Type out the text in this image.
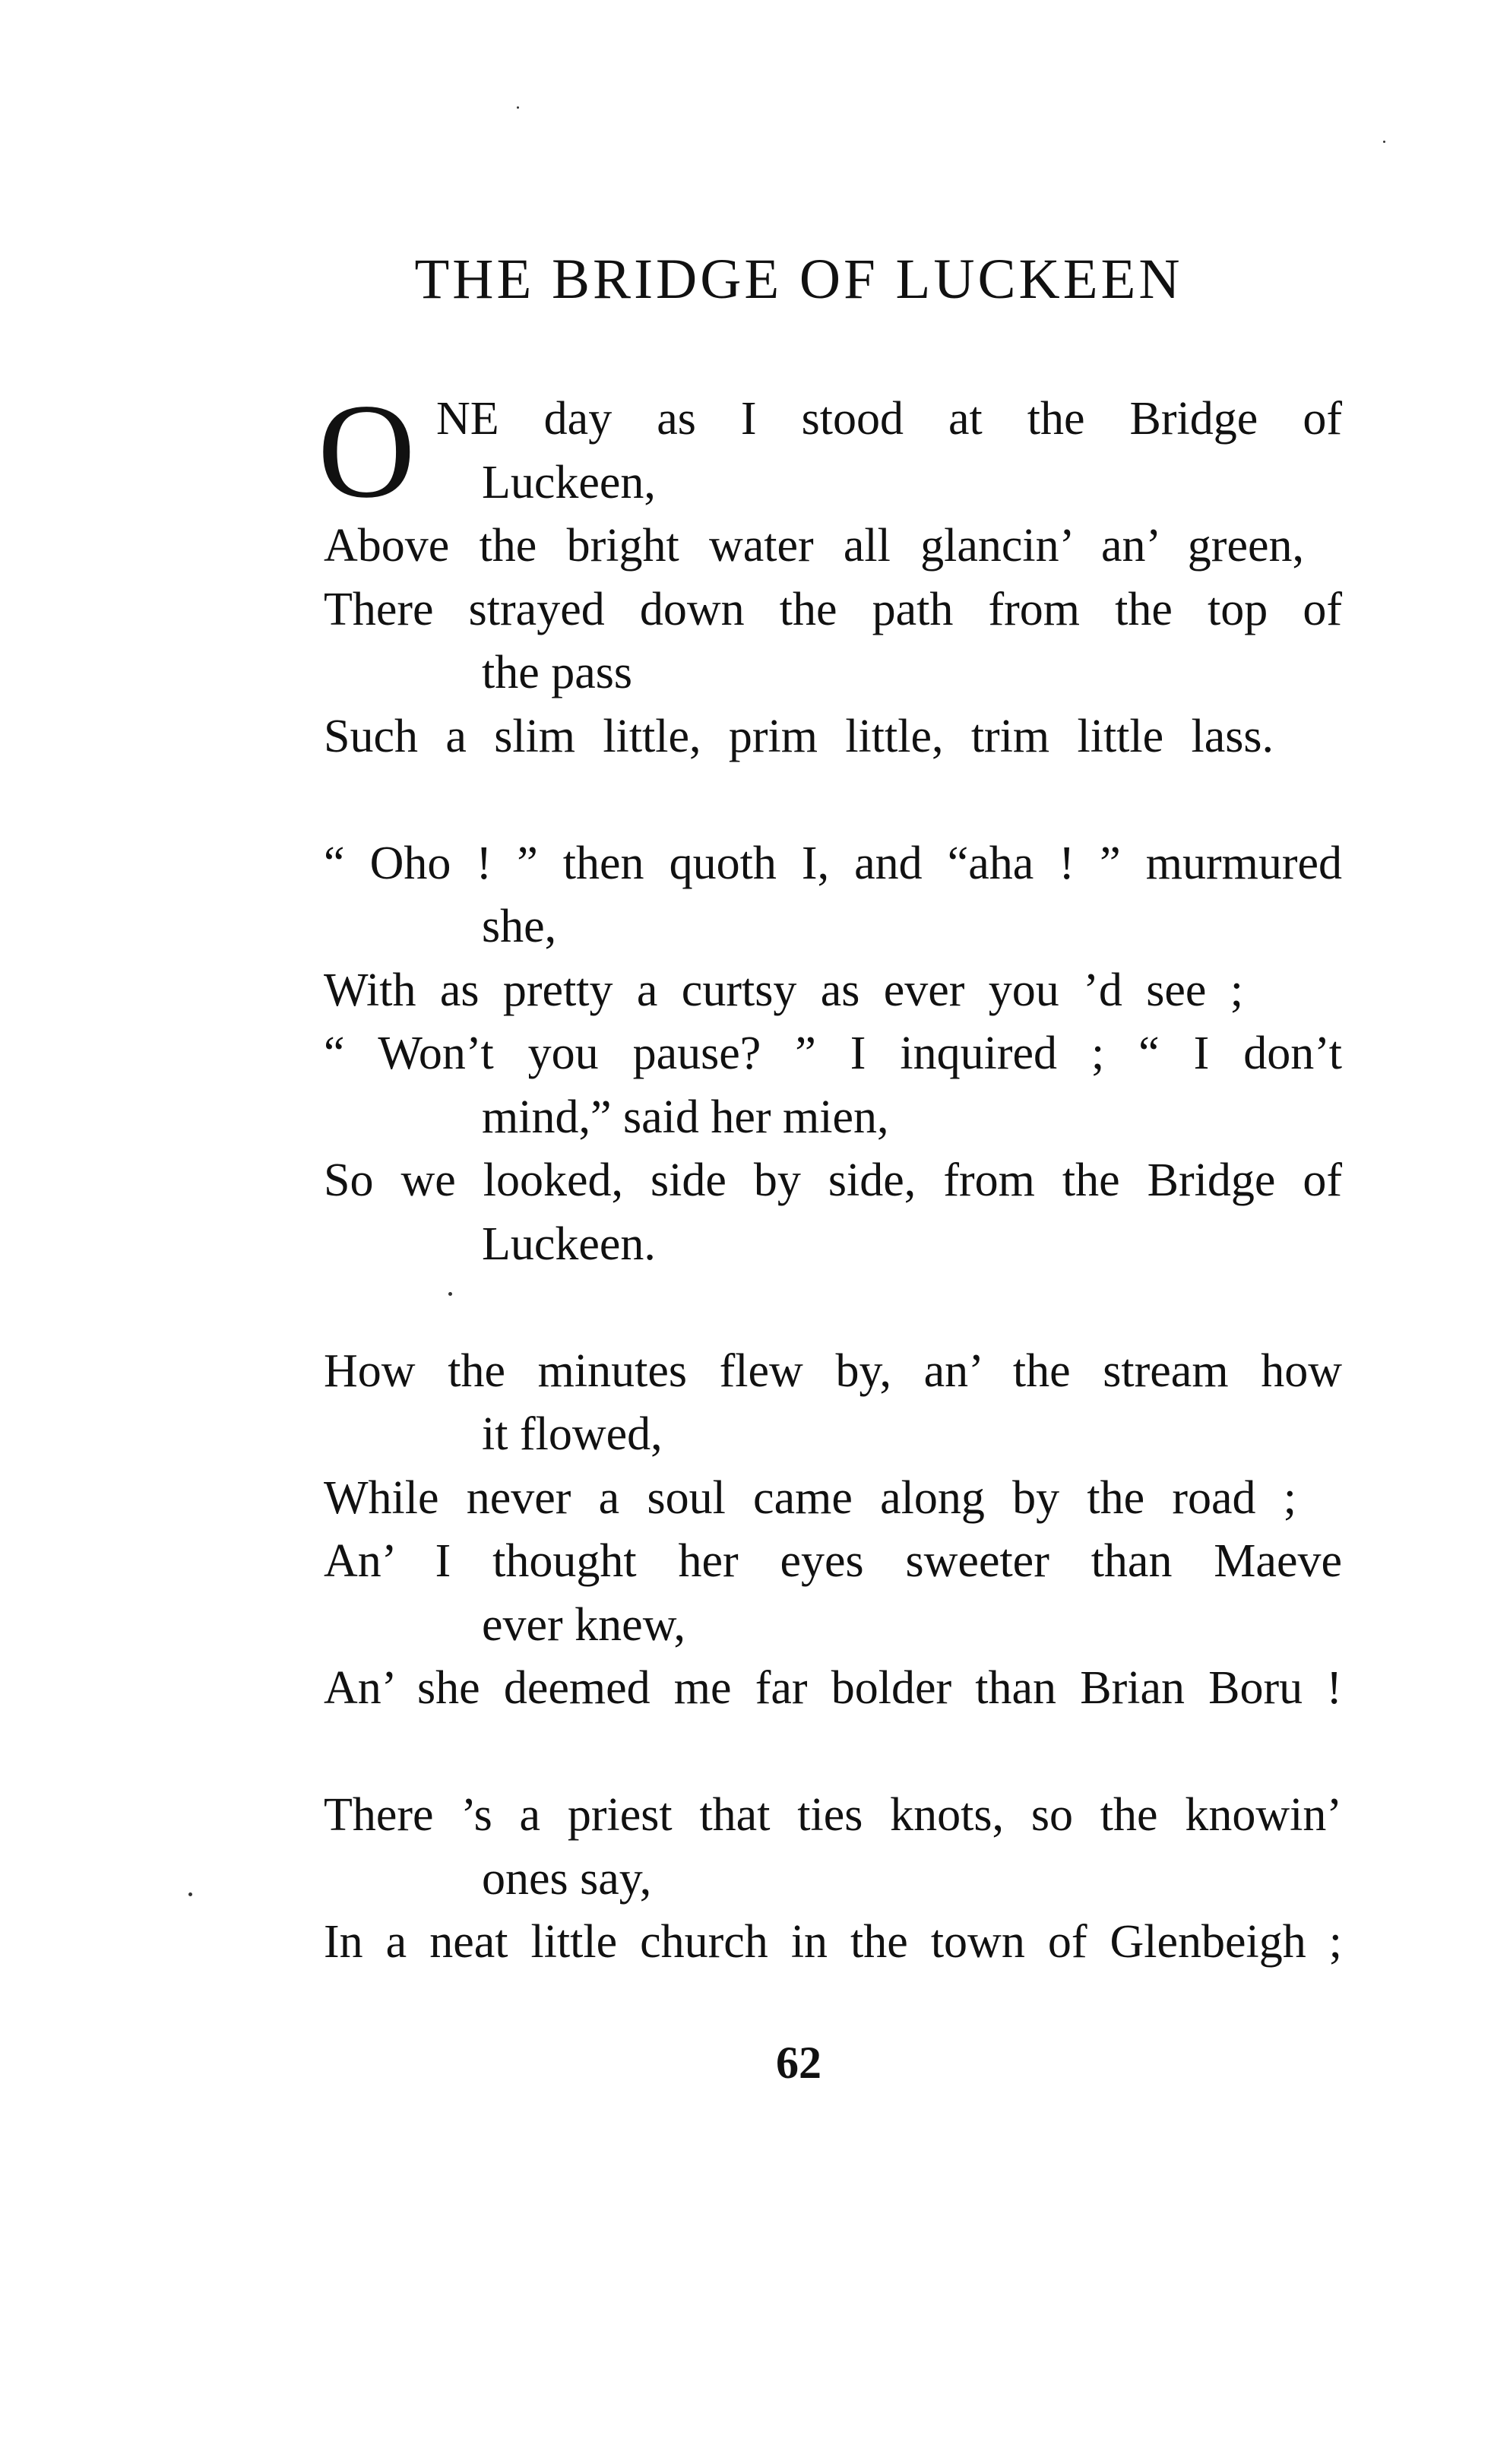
THE BRIDGE OF LUCKEEN
O NE day as I stood at the Bridge of
Luckeen,
Above the bright water all glancin’ an’ green,
There strayed down the path from the top of
the pass
Such a slim little, prim little, trim little lass.
“ Oho ! ” then quoth I, and “aha ! ” murmured
she,
With as pretty a curtsy as ever you ’d see ;
“ Won’t you pause? ” I inquired ; “ I don’t
mind,” said her mien,
So we looked, side by side, from the Bridge of
Luckeen.
How the minutes flew by, an’ the stream how
it flowed,
While never a soul came along by the road ;
An’ I thought her eyes sweeter than Maeve
ever knew,
An’ she deemed me far bolder than Brian Boru !
There ’s a priest that ties knots, so the knowin’
ones say,
In a neat little church in the town of Glenbeigh ;
62
